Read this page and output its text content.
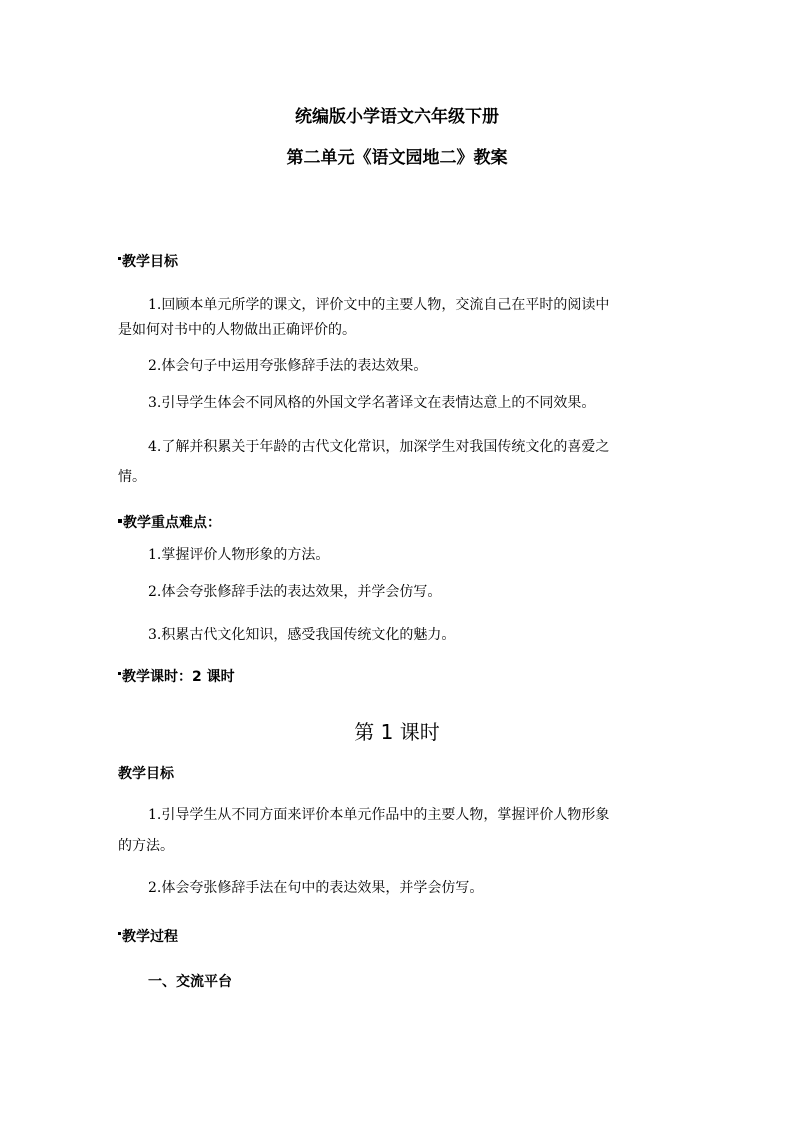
统编版小学语文六年级下册
第二单元《语文园地二》教案
教学目标
1.回顾本单元所学的课文，评价文中的主要人物，交流自己在平时的阅读中
是如何对书中的人物做出正确评价的。
2.体会句子中运用夸张修辞手法的表达效果。
3.引导学生体会不同风格的外国文学名著译文在表情达意上的不同效果。
4.了解并积累关于年龄的古代文化常识，加深学生对我国传统文化的喜爱之
情。
教学重点难点：
1.掌握评价人物形象的方法。
2.体会夸张修辞手法的表达效果，并学会仿写。
3.积累古代文化知识，感受我国传统文化的魅力。
教学课时：2 课时
第 1 课时
教学目标
1.引导学生从不同方面来评价本单元作品中的主要人物，掌握评价人物形象
的方法。
2.体会夸张修辞手法在句中的表达效果，并学会仿写。
教学过程
一、交流平台
